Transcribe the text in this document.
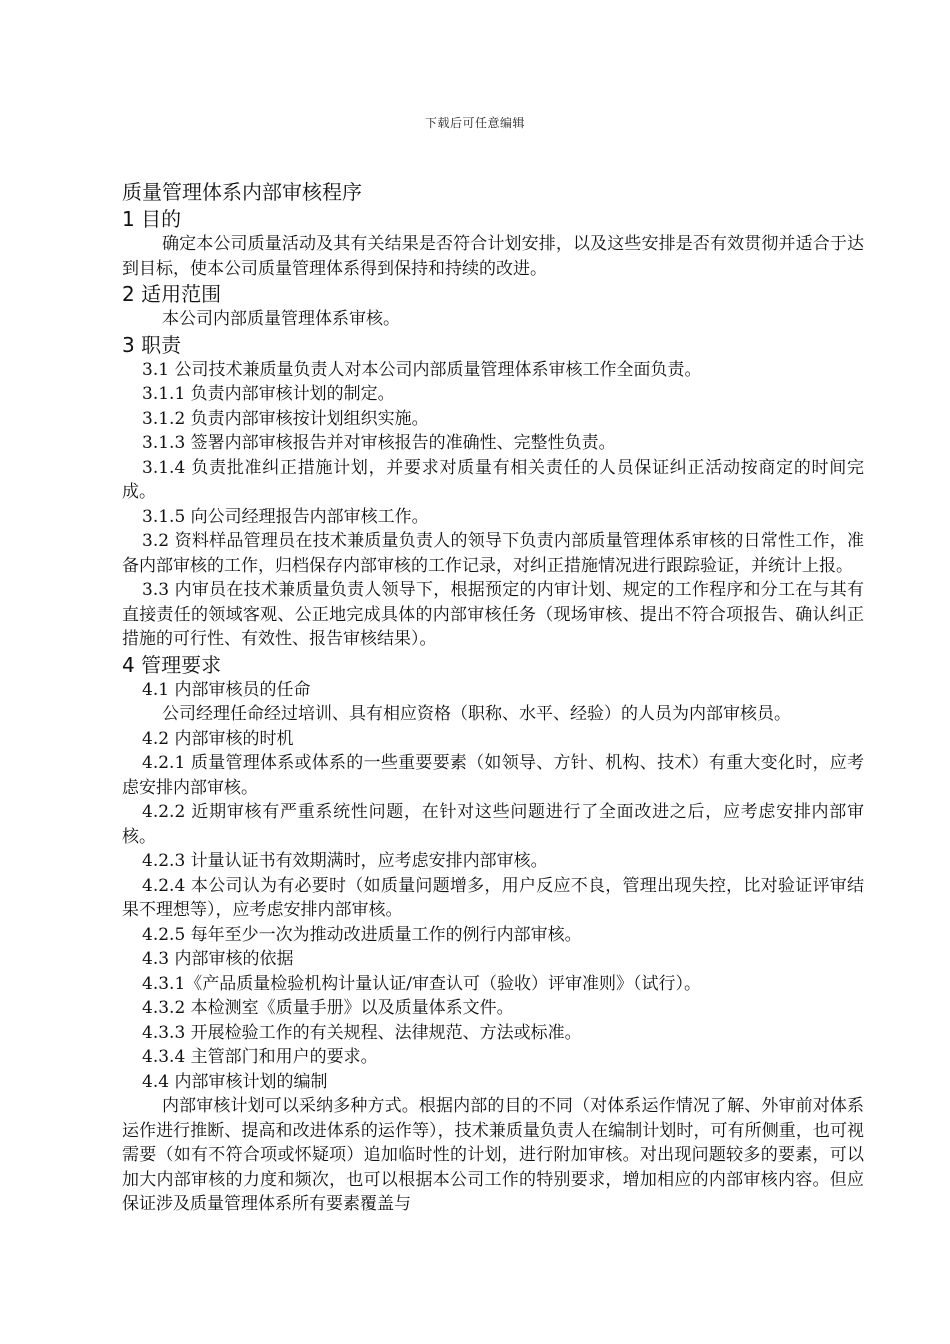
下载后可任意编辑

质量管理体系内部审核程序

1 目的

确定本公司质量活动及其有关结果是否符合计划安排，以及这些安排是否有效贯彻并适合于达到目标，使本公司质量管理体系得到保持和持续的改进。

2 适用范围

本公司内部质量管理体系审核。

3 职责

3.1 公司技术兼质量负责人对本公司内部质量管理体系审核工作全面负责。

3.1.1 负责内部审核计划的制定。

3.1.2 负责内部审核按计划组织实施。

3.1.3 签署内部审核报告并对审核报告的准确性、完整性负责。

3.1.4 负责批准纠正措施计划，并要求对质量有相关责任的人员保证纠正活动按商定的时间完成。

3.1.5 向公司经理报告内部审核工作。

3.2 资料样品管理员在技术兼质量负责人的领导下负责内部质量管理体系审核的日常性工作，准备内部审核的工作，归档保存内部审核的工作记录，对纠正措施情况进行跟踪验证，并统计上报。

3.3 内审员在技术兼质量负责人领导下，根据预定的内审计划、规定的工作程序和分工在与其有直接责任的领域客观、公正地完成具体的内部审核任务（现场审核、提出不符合项报告、确认纠正措施的可行性、有效性、报告审核结果）。

4 管理要求

4.1 内部审核员的任命

公司经理任命经过培训、具有相应资格（职称、水平、经验）的人员为内部审核员。

4.2 内部审核的时机

4.2.1 质量管理体系或体系的一些重要要素（如领导、方针、机构、技术）有重大变化时，应考虑安排内部审核。

4.2.2 近期审核有严重系统性问题，在针对这些问题进行了全面改进之后，应考虑安排内部审核。

4.2.3 计量认证书有效期满时，应考虑安排内部审核。

4.2.4 本公司认为有必要时（如质量问题增多，用户反应不良，管理出现失控，比对验证评审结果不理想等），应考虑安排内部审核。

4.2.5 每年至少一次为推动改进质量工作的例行内部审核。

4.3 内部审核的依据

4.3.1《产品质量检验机构计量认证/审查认可（验收）评审准则》（试行）。

4.3.2 本检测室《质量手册》以及质量体系文件。

4.3.3 开展检验工作的有关规程、法律规范、方法或标准。

4.3.4 主管部门和用户的要求。

4.4 内部审核计划的编制

内部审核计划可以采纳多种方式。根据内部的目的不同（对体系运作情况了解、外审前对体系运作进行推断、提高和改进体系的运作等），技术兼质量负责人在编制计划时，可有所侧重，也可视需要（如有不符合项或怀疑项）追加临时性的计划，进行附加审核。对出现问题较多的要素，可以加大内部审核的力度和频次，也可以根据本公司工作的特别要求，增加相应的内部审核内容。但应保证涉及质量管理体系所有要素覆盖与
